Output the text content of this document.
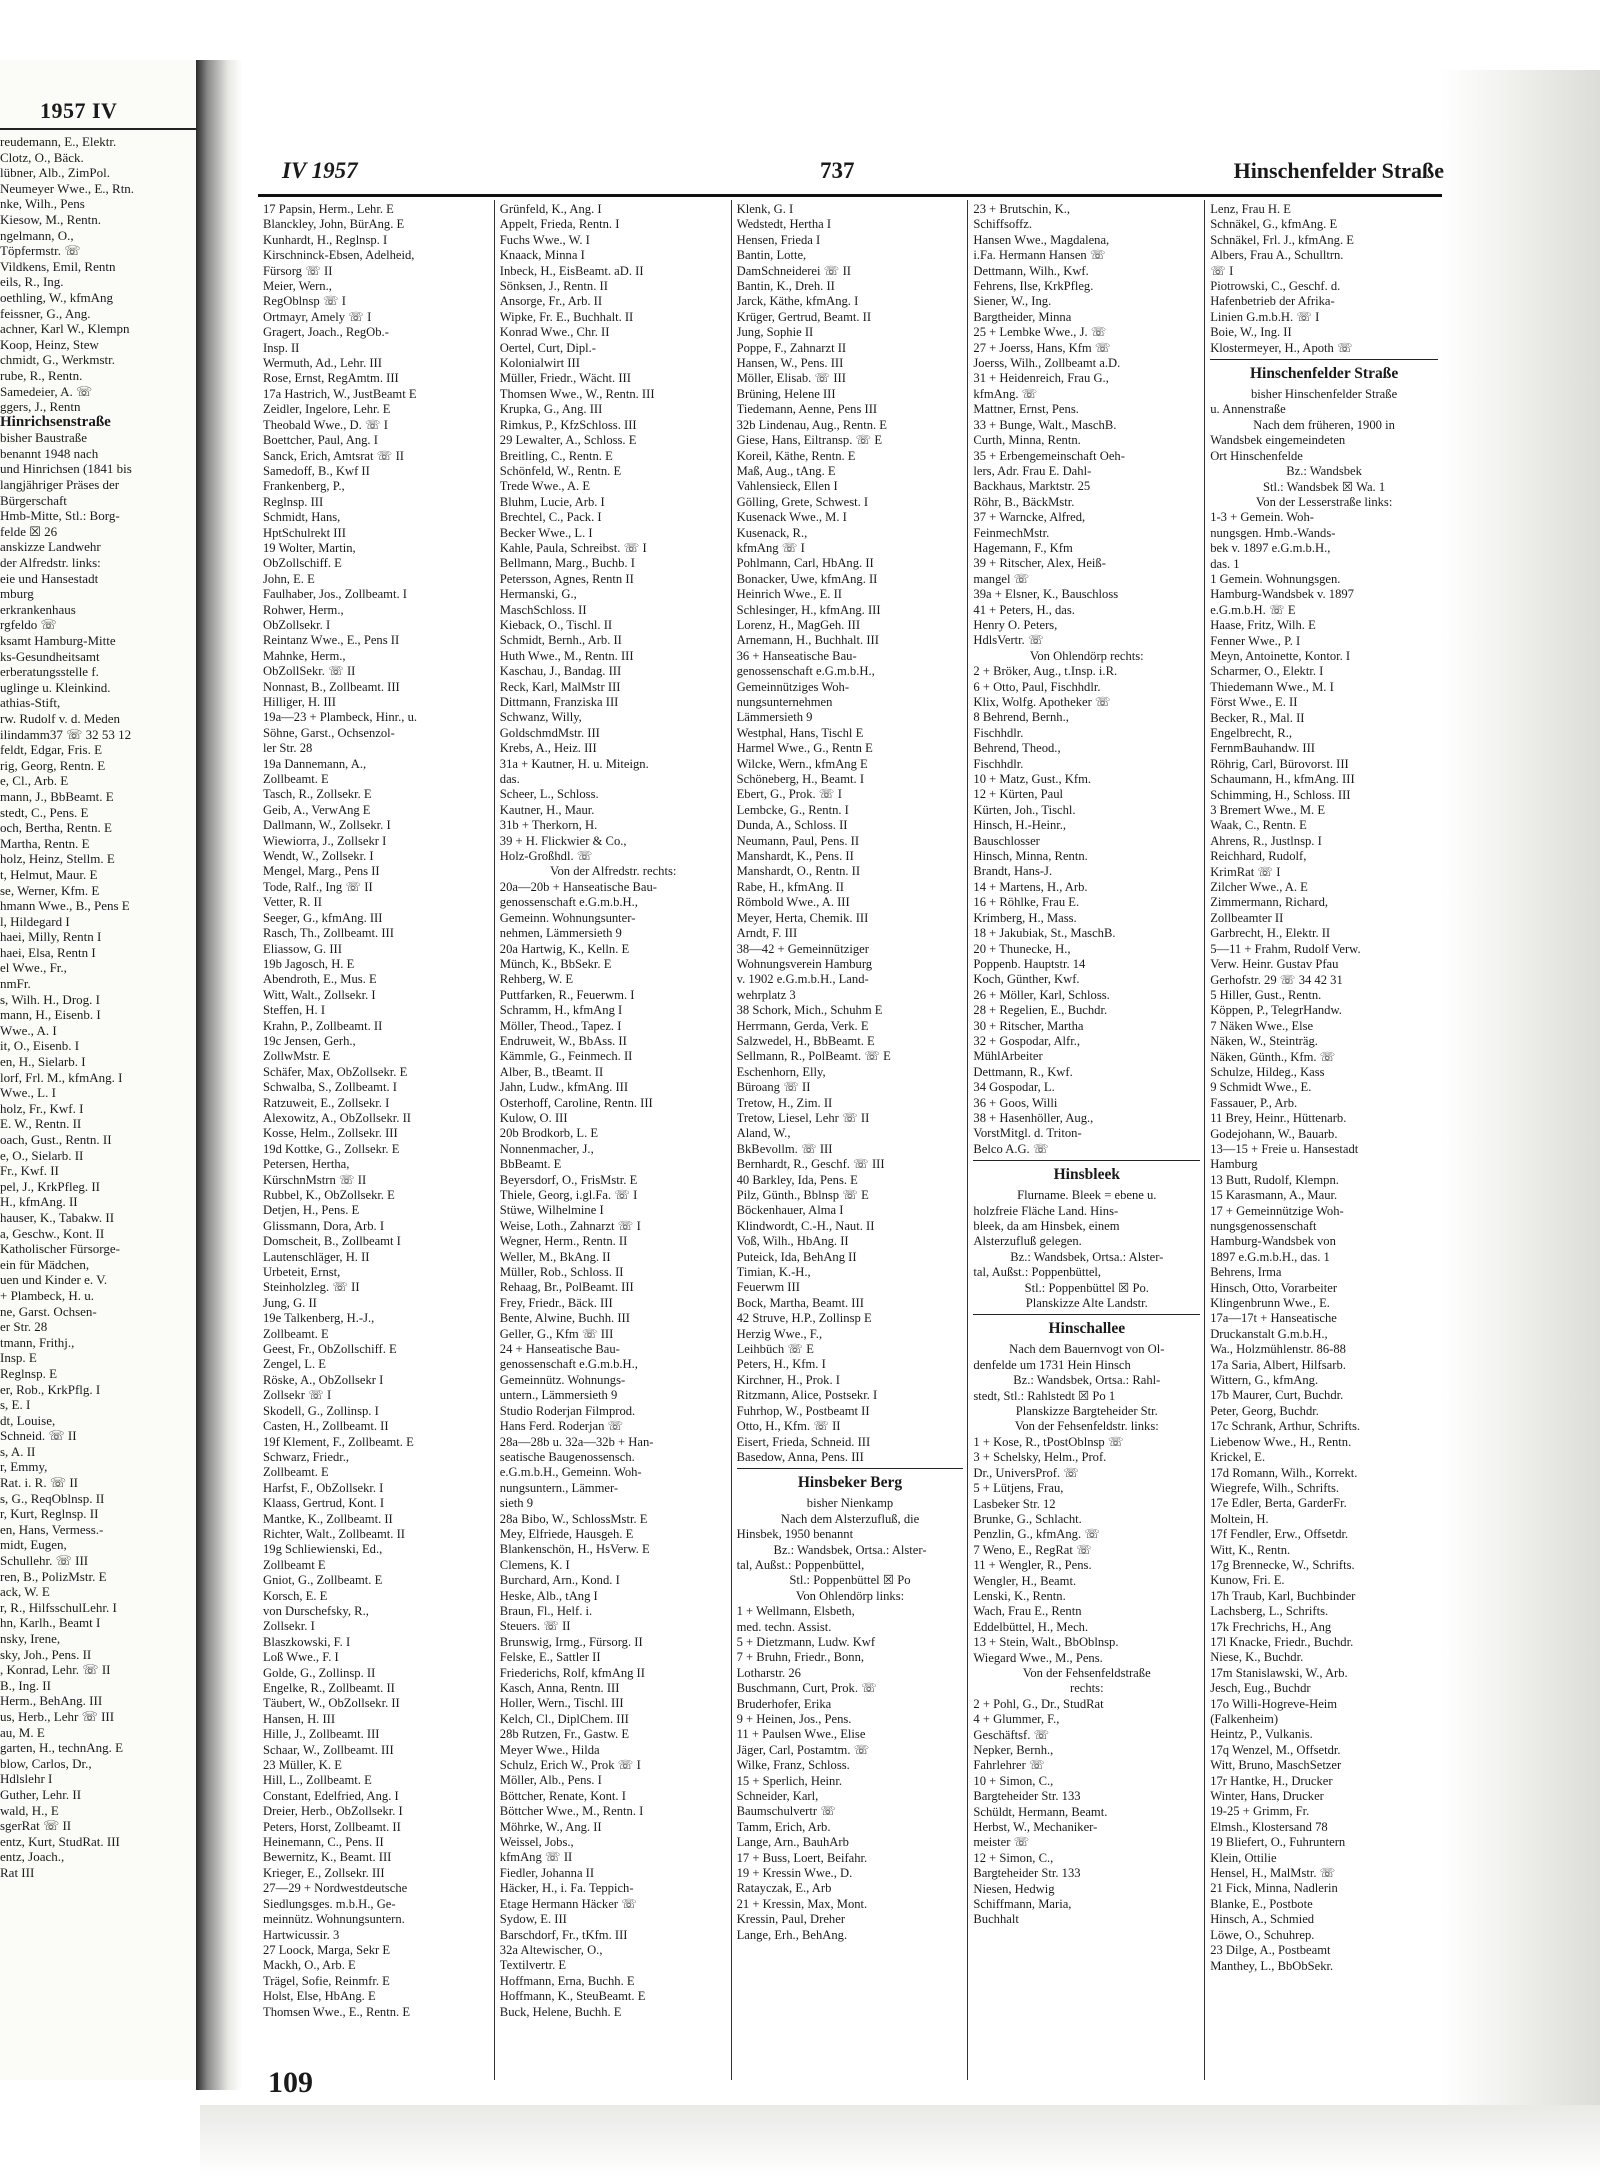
1957 IV
reudemann, E., Elektr.
Clotz, O., Bäck.
lübner, Alb., ZimPol.
Neumeyer Wwe., E., Rtn.
nke, Wilh., Pens
Kiesow, M., Rentn.
ngelmann, O.,
Töpfermstr. ☏
Vildkens, Emil, Rentn
eils, R., Ing.
oethling, W., kfmAng
feissner, G., Ang.
achner, Karl W., Klempn
Koop, Heinz, Stew
chmidt, G., Werkmstr.
rube, R., Rentn.
Samedeier, A. ☏
ggers, J., Rentn
Hinrichsenstraße
bisher Baustraße
benannt 1948 nach
und Hinrichsen (1841 bis
langjähriger Präses der
Bürgerschaft
Hmb-Mitte, Stl.: Borg-
felde ☒ 26
anskizze Landwehr
der Alfredstr. links:
eie und Hansestadt
mburg
erkrankenhaus
rgfeldo ☏
ksamt Hamburg-Mitte
ks-Gesundheitsamt
erberatungsstelle f.
uglinge u. Kleinkind.
athias-Stift,
rw. Rudolf v. d. Meden
ilindamm37 ☏ 32 53 12
feldt, Edgar, Fris. E
rig, Georg, Rentn. E
e, Cl., Arb. E
mann, J., BbBeamt. E
stedt, C., Pens. E
och, Bertha, Rentn. E
Martha, Rentn. E
holz, Heinz, Stellm. E
t, Helmut, Maur. E
se, Werner, Kfm. E
hmann Wwe., B., Pens E
l, Hildegard I
haei, Milly, Rentn I
haei, Elsa, Rentn I
el Wwe., Fr.,
nmFr.
s, Wilh. H., Drog. I
mann, H., Eisenb. I
Wwe., A. I
it, O., Eisenb. I
en, H., Sielarb. I
lorf, Frl. M., kfmAng. I
Wwe., L. I
holz, Fr., Kwf. I
E. W., Rentn. II
oach, Gust., Rentn. II
e, O., Sielarb. II
Fr., Kwf. II
pel, J., KrkPfleg. II
H., kfmAng. II
hauser, K., Tabakw. II
a, Geschw., Kont. II
Katholischer Fürsorge-
ein für Mädchen,
uen und Kinder e. V.
+ Plambeck, H. u.
ne, Garst. Ochsen-
er Str. 28
tmann, Frithj.,
Insp. E
Reglnsp. E
er, Rob., KrkPflg. I
s, E. I
dt, Louise,
Schneid. ☏ II
s, A. II
r, Emmy,
Rat. i. R. ☏ II
s, G., ReqOblnsp. II
r, Kurt, Reglnsp. II
en, Hans, Vermess.-
midt, Eugen,
Schullehr. ☏ III
ren, B., PolizMstr. E
ack, W. E
r, R., HilfsschulLehr. I
hn, Karlh., Beamt I
nsky, Irene,
sky, Joh., Pens. II
, Konrad, Lehr. ☏ II
B., Ing. II
Herm., BehAng. III
us, Herb., Lehr ☏ III
au, M. E
garten, H., technAng. E
blow, Carlos, Dr.,
Hdlslehr I
Guther, Lehr. II
wald, H., E
sgerRat ☏ II
entz, Kurt, StudRat. III
entz, Joach.,
Rat III
IV 1957	737	Hinschenfelder Straße
17 Papsin, Herm., Lehr. E
Blanckley, John, BürAng. E
Kunhardt, H., Reglnsp. I
Kirschninck-Ebsen, Adelheid,
Fürsorg ☏ II
Meier, Wern.,
RegOblnsp ☏ I
Ortmayr, Amely ☏ I
Gragert, Joach., RegOb.-
Insp. II
Wermuth, Ad., Lehr. III
Rose, Ernst, RegAmtm. III
17a Hastrich, W., JustBeamt E
Zeidler, Ingelore, Lehr. E
Theobald Wwe., D. ☏ I
Boettcher, Paul, Ang. I
Sanck, Erich, Amtsrat ☏ II
Samedoff, B., Kwf II
Frankenberg, P.,
Reglnsp. III
Schmidt, Hans,
HptSchulrekt III
19 Wolter, Martin,
ObZollschiff. E
John, E. E
Faulhaber, Jos., Zollbeamt. I
Rohwer, Herm.,
ObZollsekr. I
Reintanz Wwe., E., Pens II
Mahnke, Herm.,
ObZollSekr. ☏ II
Nonnast, B., Zollbeamt. III
Hilliger, H. III
19a—23 + Plambeck, Hinr., u.
Söhne, Garst., Ochsenzol-
ler Str. 28
19a Dannemann, A.,
Zollbeamt. E
Tasch, R., Zollsekr. E
Geib, A., VerwAng E
Dallmann, W., Zollsekr. I
Wiewiorra, J., Zollsekr I
Wendt, W., Zollsekr. I
Mengel, Marg., Pens II
Tode, Ralf., Ing ☏ II
Vetter, R. II
Seeger, G., kfmAng. III
Rasch, Th., Zollbeamt. III
Eliassow, G. III
19b Jagosch, H. E
Abendroth, E., Mus. E
Witt, Walt., Zollsekr. I
Steffen, H. I
Krahn, P., Zollbeamt. II
19c Jensen, Gerh.,
ZollwMstr. E
Schäfer, Max, ObZollsekr. E
Schwalba, S., Zollbeamt. I
Ratzuweit, E., Zollsekr. I
Alexowitz, A., ObZollsekr. II
Kosse, Helm., Zollsekr. III
19d Kottke, G., Zollsekr. E
Petersen, Hertha,
KürschnMstrn ☏ II
Rubbel, K., ObZollsekr. E
Detjen, H., Pens. E
Glissmann, Dora, Arb. I
Domscheit, B., Zollbeamt I
Lautenschläger, H. II
Urbeteit, Ernst,
Steinholzleg. ☏ II
Jung, G. II
19e Talkenberg, H.-J.,
Zollbeamt. E
Geest, Fr., ObZollschiff. E
Zengel, L. E
Röske, A., ObZollsekr I
Zollsekr ☏ I
Skodell, G., Zollinsp. I
Casten, H., Zollbeamt. II
19f Klement, F., Zollbeamt. E
Schwarz, Friedr.,
Zollbeamt. E
Harfst, F., ObZollsekr. I
Klaass, Gertrud, Kont. I
Mantke, K., Zollbeamt. II
Richter, Walt., Zollbeamt. II
19g Schliewienski, Ed.,
Zollbeamt E
Gniot, G., Zollbeamt. E
Korsch, E. E
von Durschefsky, R.,
Zollsekr. I
Blaszkowski, F. I
Loß Wwe., F. I
Golde, G., Zollinsp. II
Engelke, R., Zollbeamt. II
Täubert, W., ObZollsekr. II
Hansen, H. III
Hille, J., Zollbeamt. III
Schaar, W., Zollbeamt. III
23 Müller, K. E
Hill, L., Zollbeamt. E
Constant, Edelfried, Ang. I
Dreier, Herb., ObZollsekr. I
Peters, Horst, Zollbeamt. II
Heinemann, C., Pens. II
Bewernitz, K., Beamt. III
Krieger, E., Zollsekr. III
27—29 + Nordwestdeutsche
Siedlungsges. m.b.H., Ge-
meinnütz. Wohnungsuntern.
Hartwicussir. 3
27 Loock, Marga, Sekr E
Mackh, O., Arb. E
Trägel, Sofie, Reinmfr. E
Holst, Else, HbAng. E
Thomsen Wwe., E., Rentn. E
Grünfeld, K., Ang. I
Appelt, Frieda, Rentn. I
Fuchs Wwe., W. I
Knaack, Minna I
Inbeck, H., EisBeamt. aD. II
Sönksen, J., Rentn. II
Ansorge, Fr., Arb. II
Wipke, Fr. E., Buchhalt. II
Konrad Wwe., Chr. II
Oertel, Curt, Dipl.-
Kolonialwirt III
Müller, Friedr., Wächt. III
Thomsen Wwe., W., Rentn. III
Krupka, G., Ang. III
Rimkus, P., KfzSchloss. III
29 Lewalter, A., Schloss. E
Breitling, C., Rentn. E
Schönfeld, W., Rentn. E
Trede Wwe., A. E
Bluhm, Lucie, Arb. I
Brechtel, C., Pack. I
Becker Wwe., L. I
Kahle, Paula, Schreibst. ☏ I
Bellmann, Marg., Buchb. I
Petersson, Agnes, Rentn II
Hermanski, G.,
MaschSchloss. II
Kieback, O., Tischl. II
Schmidt, Bernh., Arb. II
Huth Wwe., M., Rentn. III
Kaschau, J., Bandag. III
Reck, Karl, MalMstr III
Dittmann, Franziska III
Schwanz, Willy,
GoldschmdMstr. III
Krebs, A., Heiz. III
31a + Kautner, H. u. Miteign.
das.
Scheer, L., Schloss.
Kautner, H., Maur.
31b + Therkorn, H.
39 + H. Flickwier & Co.,
Holz-Großhdl. ☏
Von der Alfredstr. rechts:
20a—20b + Hanseatische Bau-
genossenschaft e.G.m.b.H.,
Gemeinn. Wohnungsunter-
nehmen, Lämmersieth 9
20a Hartwig, K., Kelln. E
Münch, K., BbSekr. E
Rehberg, W. E
Puttfarken, R., Feuerwm. I
Schramm, H., kfmAng I
Möller, Theod., Tapez. I
Endruweit, W., BbAss. II
Kämmle, G., Feinmech. II
Alber, B., tBeamt. II
Jahn, Ludw., kfmAng. III
Osterhoff, Caroline, Rentn. III
Kulow, O. III
20b Brodkorb, L. E
Nonnenmacher, J.,
BbBeamt. E
Beyersdorf, O., FrisMstr. E
Thiele, Georg, i.gl.Fa. ☏ I
Stüwe, Wilhelmine I
Weise, Loth., Zahnarzt ☏ I
Wegner, Herm., Rentn. II
Weller, M., BkAng. II
Müller, Rob., Schloss. II
Rehaag, Br., PolBeamt. III
Frey, Friedr., Bäck. III
Bente, Alwine, Buchh. III
Geller, G., Kfm ☏ III
24 + Hanseatische Bau-
genossenschaft e.G.m.b.H.,
Gemeinnütz. Wohnungs-
untern., Lämmersieth 9
Studio Roderjan Filmprod.
Hans Ferd. Roderjan ☏
28a—28b u. 32a—32b + Han-
seatische Baugenossensch.
e.G.m.b.H., Gemeinn. Woh-
nungsuntern., Lämmer-
sieth 9
28a Bibo, W., SchlossMstr. E
Mey, Elfriede, Hausgeh. E
Blankenschön, H., HsVerw. E
Clemens, K. I
Burchard, Arn., Kond. I
Heske, Alb., tAng I
Braun, Fl., Helf. i.
Steuers. ☏ II
Brunswig, Irmg., Fürsorg. II
Felske, E., Sattler II
Friederichs, Rolf, kfmAng II
Kasch, Anna, Rentn. III
Holler, Wern., Tischl. III
Kelch, Cl., DiplChem. III
28b Rutzen, Fr., Gastw. E
Meyer Wwe., Hilda
Schulz, Erich W., Prok ☏ I
Möller, Alb., Pens. I
Böttcher, Renate, Kont. I
Böttcher Wwe., M., Rentn. I
Möhrke, W., Ang. II
Weissel, Jobs.,
kfmAng ☏ II
Fiedler, Johanna II
Häcker, H., i. Fa. Teppich-
Etage Hermann Häcker ☏
Sydow, E. III
Barschdorf, Fr., tKfm. III
32a Altewischer, O.,
Textilvertr. E
Hoffmann, Erna, Buchh. E
Hoffmann, K., SteuBeamt. E
Buck, Helene, Buchh. E
Klenk, G. I
Wedstedt, Hertha I
Hensen, Frieda I
Bantin, Lotte,
DamSchneiderei ☏ II
Bantin, K., Dreh. II
Jarck, Käthe, kfmAng. I
Krüger, Gertrud, Beamt. II
Jung, Sophie II
Poppe, F., Zahnarzt II
Hansen, W., Pens. III
Möller, Elisab. ☏ III
Brüning, Helene III
Tiedemann, Aenne, Pens III
32b Lindenau, Aug., Rentn. E
Giese, Hans, Eiltransp. ☏ E
Koreil, Käthe, Rentn. E
Maß, Aug., tAng. E
Vahlensieck, Ellen I
Gölling, Grete, Schwest. I
Kusenack Wwe., M. I
Kusenack, R.,
kfmAng ☏ I
Pohlmann, Carl, HbAng. II
Bonacker, Uwe, kfmAng. II
Heinrich Wwe., E. II
Schlesinger, H., kfmAng. III
Lorenz, H., MagGeh. III
Arnemann, H., Buchhalt. III
36 + Hanseatische Bau-
genossenschaft e.G.m.b.H.,
Gemeinnütziges Woh-
nungsunternehmen
Lämmersieth 9
Westphal, Hans, Tischl E
Harmel Wwe., G., Rentn E
Wilcke, Wern., kfmAng E
Schöneberg, H., Beamt. I
Ebert, G., Prok. ☏ I
Lembcke, G., Rentn. I
Dunda, A., Schloss. II
Neumann, Paul, Pens. II
Manshardt, K., Pens. II
Manshardt, O., Rentn. II
Rabe, H., kfmAng. II
Römbold Wwe., A. III
Meyer, Herta, Chemik. III
Arndt, F. III
38—42 + Gemeinnütziger
Wohnungsverein Hamburg
v. 1902 e.G.m.b.H., Land-
wehrplatz 3
38 Schork, Mich., Schuhm E
Herrmann, Gerda, Verk. E
Salzwedel, H., BbBeamt. E
Sellmann, R., PolBeamt. ☏ E
Eschenhorn, Elly,
Büroang ☏ II
Tretow, H., Zim. II
Tretow, Liesel, Lehr ☏ II
Aland, W.,
BkBevollm. ☏ III
Bernhardt, R., Geschf. ☏ III
40 Barkley, Ida, Pens. E
Pilz, Günth., Bblnsp ☏ E
Böckenhauer, Alma I
Klindwordt, C.-H., Naut. II
Voß, Wilh., HbAng. II
Puteick, Ida, BehAng II
Timian, K.-H.,
Feuerwm III
Bock, Martha, Beamt. III
42 Struve, H.P., Zollinsp E
Herzig Wwe., F.,
Leihbüch ☏ E
Peters, H., Kfm. I
Kirchner, H., Prok. I
Ritzmann, Alice, Postsekr. I
Fuhrhop, W., Postbeamt II
Otto, H., Kfm. ☏ II
Eisert, Frieda, Schneid. III
Basedow, Anna, Pens. III
Hinsbeker Berg
bisher Nienkamp
Nach dem Alsterzufluß, die
Hinsbek, 1950 benannt
Bz.: Wandsbek, Ortsa.: Alster-
tal, Außst.: Poppenbüttel,
Stl.: Poppenbüttel ☒ Po
Von Ohlendörp links:
1 + Wellmann, Elsbeth,
med. techn. Assist.
5 + Dietzmann, Ludw. Kwf
7 + Bruhn, Friedr., Bonn,
Lotharstr. 26
Buschmann, Curt, Prok. ☏
Bruderhofer, Erika
9 + Heinen, Jos., Pens.
11 + Paulsen Wwe., Elise
Jäger, Carl, Postamtm. ☏
Wilke, Franz, Schloss.
15 + Sperlich, Heinr.
Schneider, Karl,
Baumschulvertr ☏
Tamm, Erich, Arb.
Lange, Arn., BauhArb
17 + Buss, Loert, Beifahr.
19 + Kressin Wwe., D.
Ratayczak, E., Arb
21 + Kressin, Max, Mont.
Kressin, Paul, Dreher
Lange, Erh., BehAng.
23 + Brutschin, K.,
Schiffsoffz.
Hansen Wwe., Magdalena,
i.Fa. Hermann Hansen ☏
Dettmann, Wilh., Kwf.
Fehrens, Ilse, KrkPfleg.
Siener, W., Ing.
Bargtheider, Minna
25 + Lembke Wwe., J. ☏
27 + Joerss, Hans, Kfm ☏
Joerss, Wilh., Zollbeamt a.D.
31 + Heidenreich, Frau G.,
kfmAng. ☏
Mattner, Ernst, Pens.
33 + Bunge, Walt., MaschB.
Curth, Minna, Rentn.
35 + Erbengemeinschaft Oeh-
lers, Adr. Frau E. Dahl-
Backhaus, Marktstr. 25
Röhr, B., BäckMstr.
37 + Warncke, Alfred,
FeinmechMstr.
Hagemann, F., Kfm
39 + Ritscher, Alex, Heiß-
mangel ☏
39a + Elsner, K., Bauschloss
41 + Peters, H., das.
Henry O. Peters,
HdlsVertr. ☏
Von Ohlendörp rechts:
2 + Bröker, Aug., t.Insp. i.R.
6 + Otto, Paul, Fischhdlr.
Klix, Wolfg. Apotheker ☏
8 Behrend, Bernh.,
Fischhdlr.
Behrend, Theod.,
Fischhdlr.
10 + Matz, Gust., Kfm.
12 + Kürten, Paul
Kürten, Joh., Tischl.
Hinsch, H.-Heinr.,
Bauschlosser
Hinsch, Minna, Rentn.
Brandt, Hans-J.
14 + Martens, H., Arb.
16 + Röhlke, Frau E.
Krimberg, H., Mass.
18 + Jakubiak, St., MaschB.
20 + Thunecke, H.,
Poppenb. Hauptstr. 14
Koch, Günther, Kwf.
26 + Möller, Karl, Schloss.
28 + Regelien, E., Buchdr.
30 + Ritscher, Martha
32 + Gospodar, Alfr.,
MühlArbeiter
Dettmann, R., Kwf.
34 Gospodar, L.
36 + Goos, Willi
38 + Hasenhöller, Aug.,
VorstMitgl. d. Triton-
Belco A.G. ☏
Hinsbleek
Flurname. Bleek = ebene u.
holzfreie Fläche Land. Hins-
bleek, da am Hinsbek, einem
Alsterzufluß gelegen.
Bz.: Wandsbek, Ortsa.: Alster-
tal, Außst.: Poppenbüttel,
Stl.: Poppenbüttel ☒ Po.
Planskizze Alte Landstr.
Hinschallee
Nach dem Bauernvogt von Ol-
denfelde um 1731 Hein Hinsch
Bz.: Wandsbek, Ortsa.: Rahl-
stedt, Stl.: Rahlstedt ☒ Po 1
Planskizze Bargteheider Str.
Von der Fehsenfeldstr. links:
1 + Kose, R., tPostOblnsp ☏
3 + Schelsky, Helm., Prof.
Dr., UniversProf. ☏
5 + Lütjens, Frau,
Lasbeker Str. 12
Brunke, G., Schlacht.
Penzlin, G., kfmAng. ☏
7 Weno, E., RegRat ☏
11 + Wengler, R., Pens.
Wengler, H., Beamt.
Lenski, K., Rentn.
Wach, Frau E., Rentn
Eddelbüttel, H., Mech.
13 + Stein, Walt., BbOblnsp.
Wiegard Wwe., M., Pens.
Von der Fehsenfeldstraße
rechts:
2 + Pohl, G., Dr., StudRat
4 + Glummer, F.,
Geschäftsf. ☏
Nepker, Bernh.,
Fahrlehrer ☏
10 + Simon, C.,
Bargteheider Str. 133
Schüldt, Hermann, Beamt.
Herbst, W., Mechaniker-
meister ☏
12 + Simon, C.,
Bargteheider Str. 133
Niesen, Hedwig
Schiffmann, Maria,
Buchhalt
Lenz, Frau H. E
Schnäkel, G., kfmAng. E
Schnäkel, Frl. J., kfmAng. E
Albers, Frau A., Schulltrn.
☏ I
Piotrowski, C., Geschf. d.
Hafenbetrieb der Afrika-
Linien G.m.b.H. ☏ I
Boie, W., Ing. II
Klostermeyer, H., Apoth ☏
Hinschenfelder Straße
bisher Hinschenfelder Straße
u. Annenstraße
Nach dem früheren, 1900 in
Wandsbek eingemeindeten
Ort Hinschenfelde
Bz.: Wandsbek
Stl.: Wandsbek ☒ Wa. 1
Von der Lesserstraße links:
1-3 + Gemein. Woh-
nungsgen. Hmb.-Wands-
bek v. 1897 e.G.m.b.H.,
das. 1
1 Gemein. Wohnungsgen.
Hamburg-Wandsbek v. 1897
e.G.m.b.H. ☏ E
Haase, Fritz, Wilh. E
Fenner Wwe., P. I
Meyn, Antoinette, Kontor. I
Scharmer, O., Elektr. I
Thiedemann Wwe., M. I
Först Wwe., E. II
Becker, R., Mal. II
Engelbrecht, R.,
FernmBauhandw. III
Röhrig, Carl, Bürovorst. III
Schaumann, H., kfmAng. III
Schimming, H., Schloss. III
3 Bremert Wwe., M. E
Waak, C., Rentn. E
Ahrens, R., Justlnsp. I
Reichhard, Rudolf,
KrimRat ☏ I
Zilcher Wwe., A. E
Zimmermann, Richard,
Zollbeamter II
Garbrecht, H., Elektr. II
5—11 + Frahm, Rudolf Verw.
Verw. Heinr. Gustav Pfau
Gerhofstr. 29 ☏ 34 42 31
5 Hiller, Gust., Rentn.
Köppen, P., TelegrHandw.
7 Näken Wwe., Else
Näken, W., Steinträg.
Näken, Günth., Kfm. ☏
Schulze, Hildeg., Kass
9 Schmidt Wwe., E.
Fassauer, P., Arb.
11 Brey, Heinr., Hüttenarb.
Godejohann, W., Bauarb.
13—15 + Freie u. Hansestadt
Hamburg
13 Butt, Rudolf, Klempn.
15 Karasmann, A., Maur.
17 + Gemeinnützige Woh-
nungsgenossenschaft
Hamburg-Wandsbek von
1897 e.G.m.b.H., das. 1
Behrens, Irma
Hinsch, Otto, Vorarbeiter
Klingenbrunn Wwe., E.
17a—17t + Hanseatische
Druckanstalt G.m.b.H.,
Wa., Holzmühlenstr. 86-88
17a Saria, Albert, Hilfsarb.
Wittern, G., kfmAng.
17b Maurer, Curt, Buchdr.
Peter, Georg, Buchdr.
17c Schrank, Arthur, Schrifts.
Liebenow Wwe., H., Rentn.
Krickel, E.
17d Romann, Wilh., Korrekt.
Wiegrefe, Wilh., Schrifts.
17e Edler, Berta, GarderFr.
Moltein, H.
17f Fendler, Erw., Offsetdr.
Witt, K., Rentn.
17g Brennecke, W., Schrifts.
Kunow, Fri. E.
17h Traub, Karl, Buchbinder
Lachsberg, L., Schrifts.
17k Frechrichs, H., Ang
17l Knacke, Friedr., Buchdr.
Niese, K., Buchdr.
17m Stanislawski, W., Arb.
Jesch, Eug., Buchdr
17o Willi-Hogreve-Heim
(Falkenheim)
Heintz, P., Vulkanis.
17q Wenzel, M., Offsetdr.
Witt, Bruno, MaschSetzer
17r Hantke, H., Drucker
Winter, Hans, Drucker
19-25 + Grimm, Fr.
Elmsh., Klostersand 78
19 Bliefert, O., Fuhruntern
Klein, Ottilie
Hensel, H., MalMstr. ☏
21 Fick, Minna, Nadlerin
Blanke, E., Postbote
Hinsch, A., Schmied
Löwe, O., Schuhrep.
23 Dilge, A., Postbeamt
Manthey, L., BbObSekr.
109
